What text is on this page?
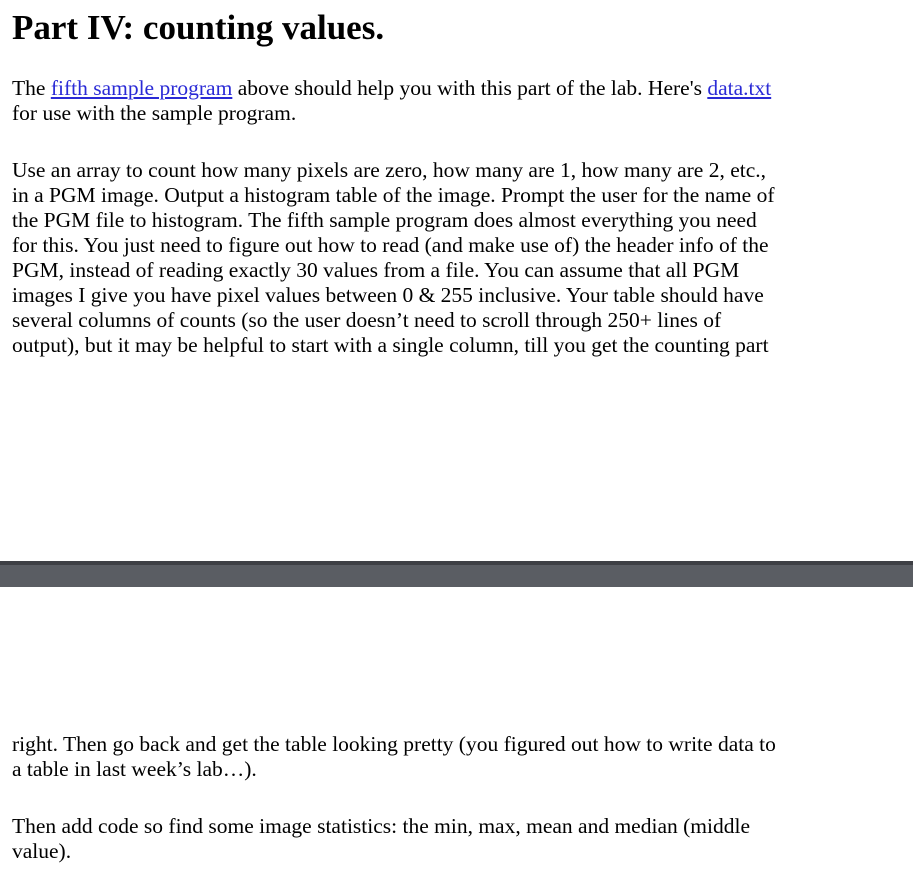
Part IV: counting values.

The fifth sample program above should help you with this part of the lab. Here's data.txt
for use with the sample program.

Use an array to count how many pixels are zero, how many are 1, how many are 2, etc.,
in a PGM image. Output a histogram table of the image. Prompt the user for the name of
the PGM file to histogram. The fifth sample program does almost everything you need
for this. You just need to figure out how to read (and make use of) the header info of the
PGM, instead of reading exactly 30 values from a file. You can assume that all PGM
images I give you have pixel values between 0 & 255 inclusive. Your table should have
several columns of counts (so the user doesn’t need to scroll through 250+ lines of
output), but it may be helpful to start with a single column, till you get the counting part

right. Then go back and get the table looking pretty (you figured out how to write data to
a table in last week’s lab…).

Then add code so find some image statistics: the min, max, mean and median (middle
value).
